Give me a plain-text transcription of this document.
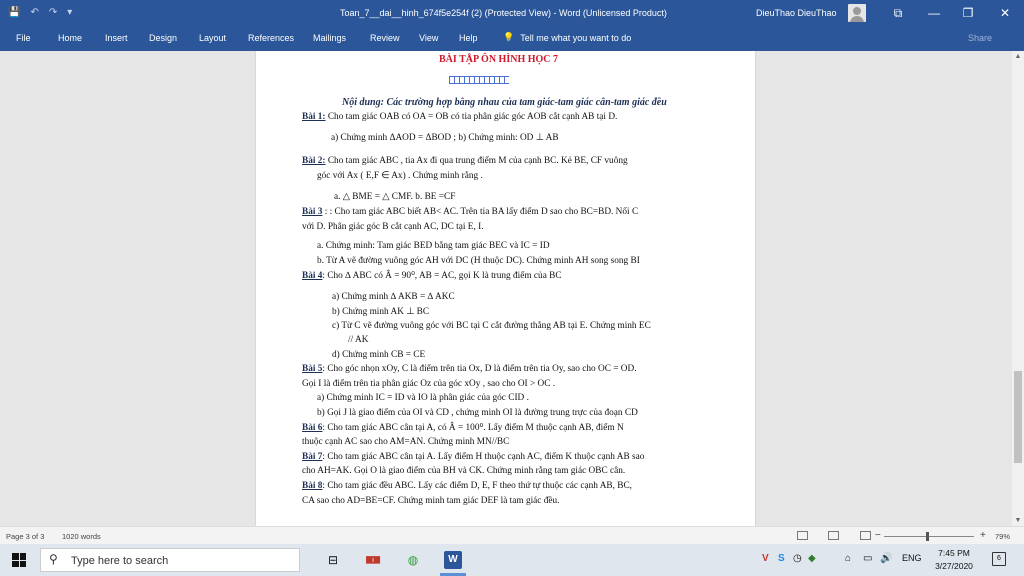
💾 ↶ ↷ ▾	Toan_7__dai__hinh_674f5e254f (2) (Protected View) - Word (Unlicensed Product)	DieuThao DieuThao	⧉	—	❐	✕
File	Home	Insert Design Layout References Mailings	Review View Help	💡 Tell me what you want to do	Share
BÀI TẬP ÔN HÌNH HỌC 7
Nội dung: Các trường hợp bằng nhau của tam giác-tam giác cân-tam giác đều
Bài 1: Cho tam giác OAB có OA = OB có tia phân giác góc AOB cắt cạnh AB tại D.
a) Chứng minh ΔAOD = ΔBOD ; b) Chứng minh: OD ⊥ AB
Bài 2: Cho tam giác ABC , tia Ax đi qua trung điểm M của cạnh BC. Kẻ BE, CF vuông
góc với Ax ( E,F ∈ Ax) . Chứng minh rằng .
a. △ BME = △ CMF. b. BE =CF
Bài 3 : : Cho tam giác ABC biết AB< AC. Trên tia BA lấy điểm D sao cho BC=BD. Nối C
với D. Phân giác góc B cắt cạnh AC, DC tại E, I.
a. Chứng minh: Tam giác BED bằng tam giác BEC và IC = ID
b. Từ A vẽ đường vuông góc AH với DC (H thuộc DC). Chứng minh AH song song BI
Bài 4: Cho ∆ ABC có Â = 90⁰, AB = AC, gọi K là trung điểm của BC
a) Chứng minh ∆ AKB = ∆ AKC
b) Chứng minh AK ⊥ BC
c) Từ C vẽ đường vuông góc với BC tại C cắt đường thẳng AB tại E. Chứng minh EC
// AK
d) Chứng minh CB = CE
Bài 5: Cho góc nhọn xOy, C là điểm trên tia Ox, D là điểm trên tia Oy, sao cho OC = OD.
Gọi I là điểm trên tia phân giác Oz của góc xOy , sao cho OI > OC .
a) Chứng minh IC = ID và IO là phân giác của góc CID .
b) Gọi J là giao điểm của OI và CD , chứng minh OI là đường trung trực của đoạn CD
Bài 6: Cho tam giác ABC cân tại A, có Â = 100⁰. Lấy điểm M thuộc cạnh AB, điểm N
thuộc cạnh AC sao cho AM=AN. Chứng minh MN//BC
Bài 7: Cho tam giác ABC cân tại A. Lấy điểm H thuộc cạnh AC, điểm K thuộc cạnh AB sao
cho AH=AK. Gọi O là giao điểm của BH và CK. Chứng minh rằng tam giác OBC cân.
Bài 8: Cho tam giác đều ABC. Lấy các điểm D, E, F theo thứ tự thuộc các cạnh AB, BC,
CA sao cho AD=BE=CF. Chứng minh tam giác DEF là tam giác đều.
▲
▼
Page 3 of 3 1020 words	−	+ 79%
⚲ Type here to search	⊟	🀰	◍	W	V S ◷ ◆	⌂ ▭ 🔊 ENG	7:45 PM
3/27/2020
6
